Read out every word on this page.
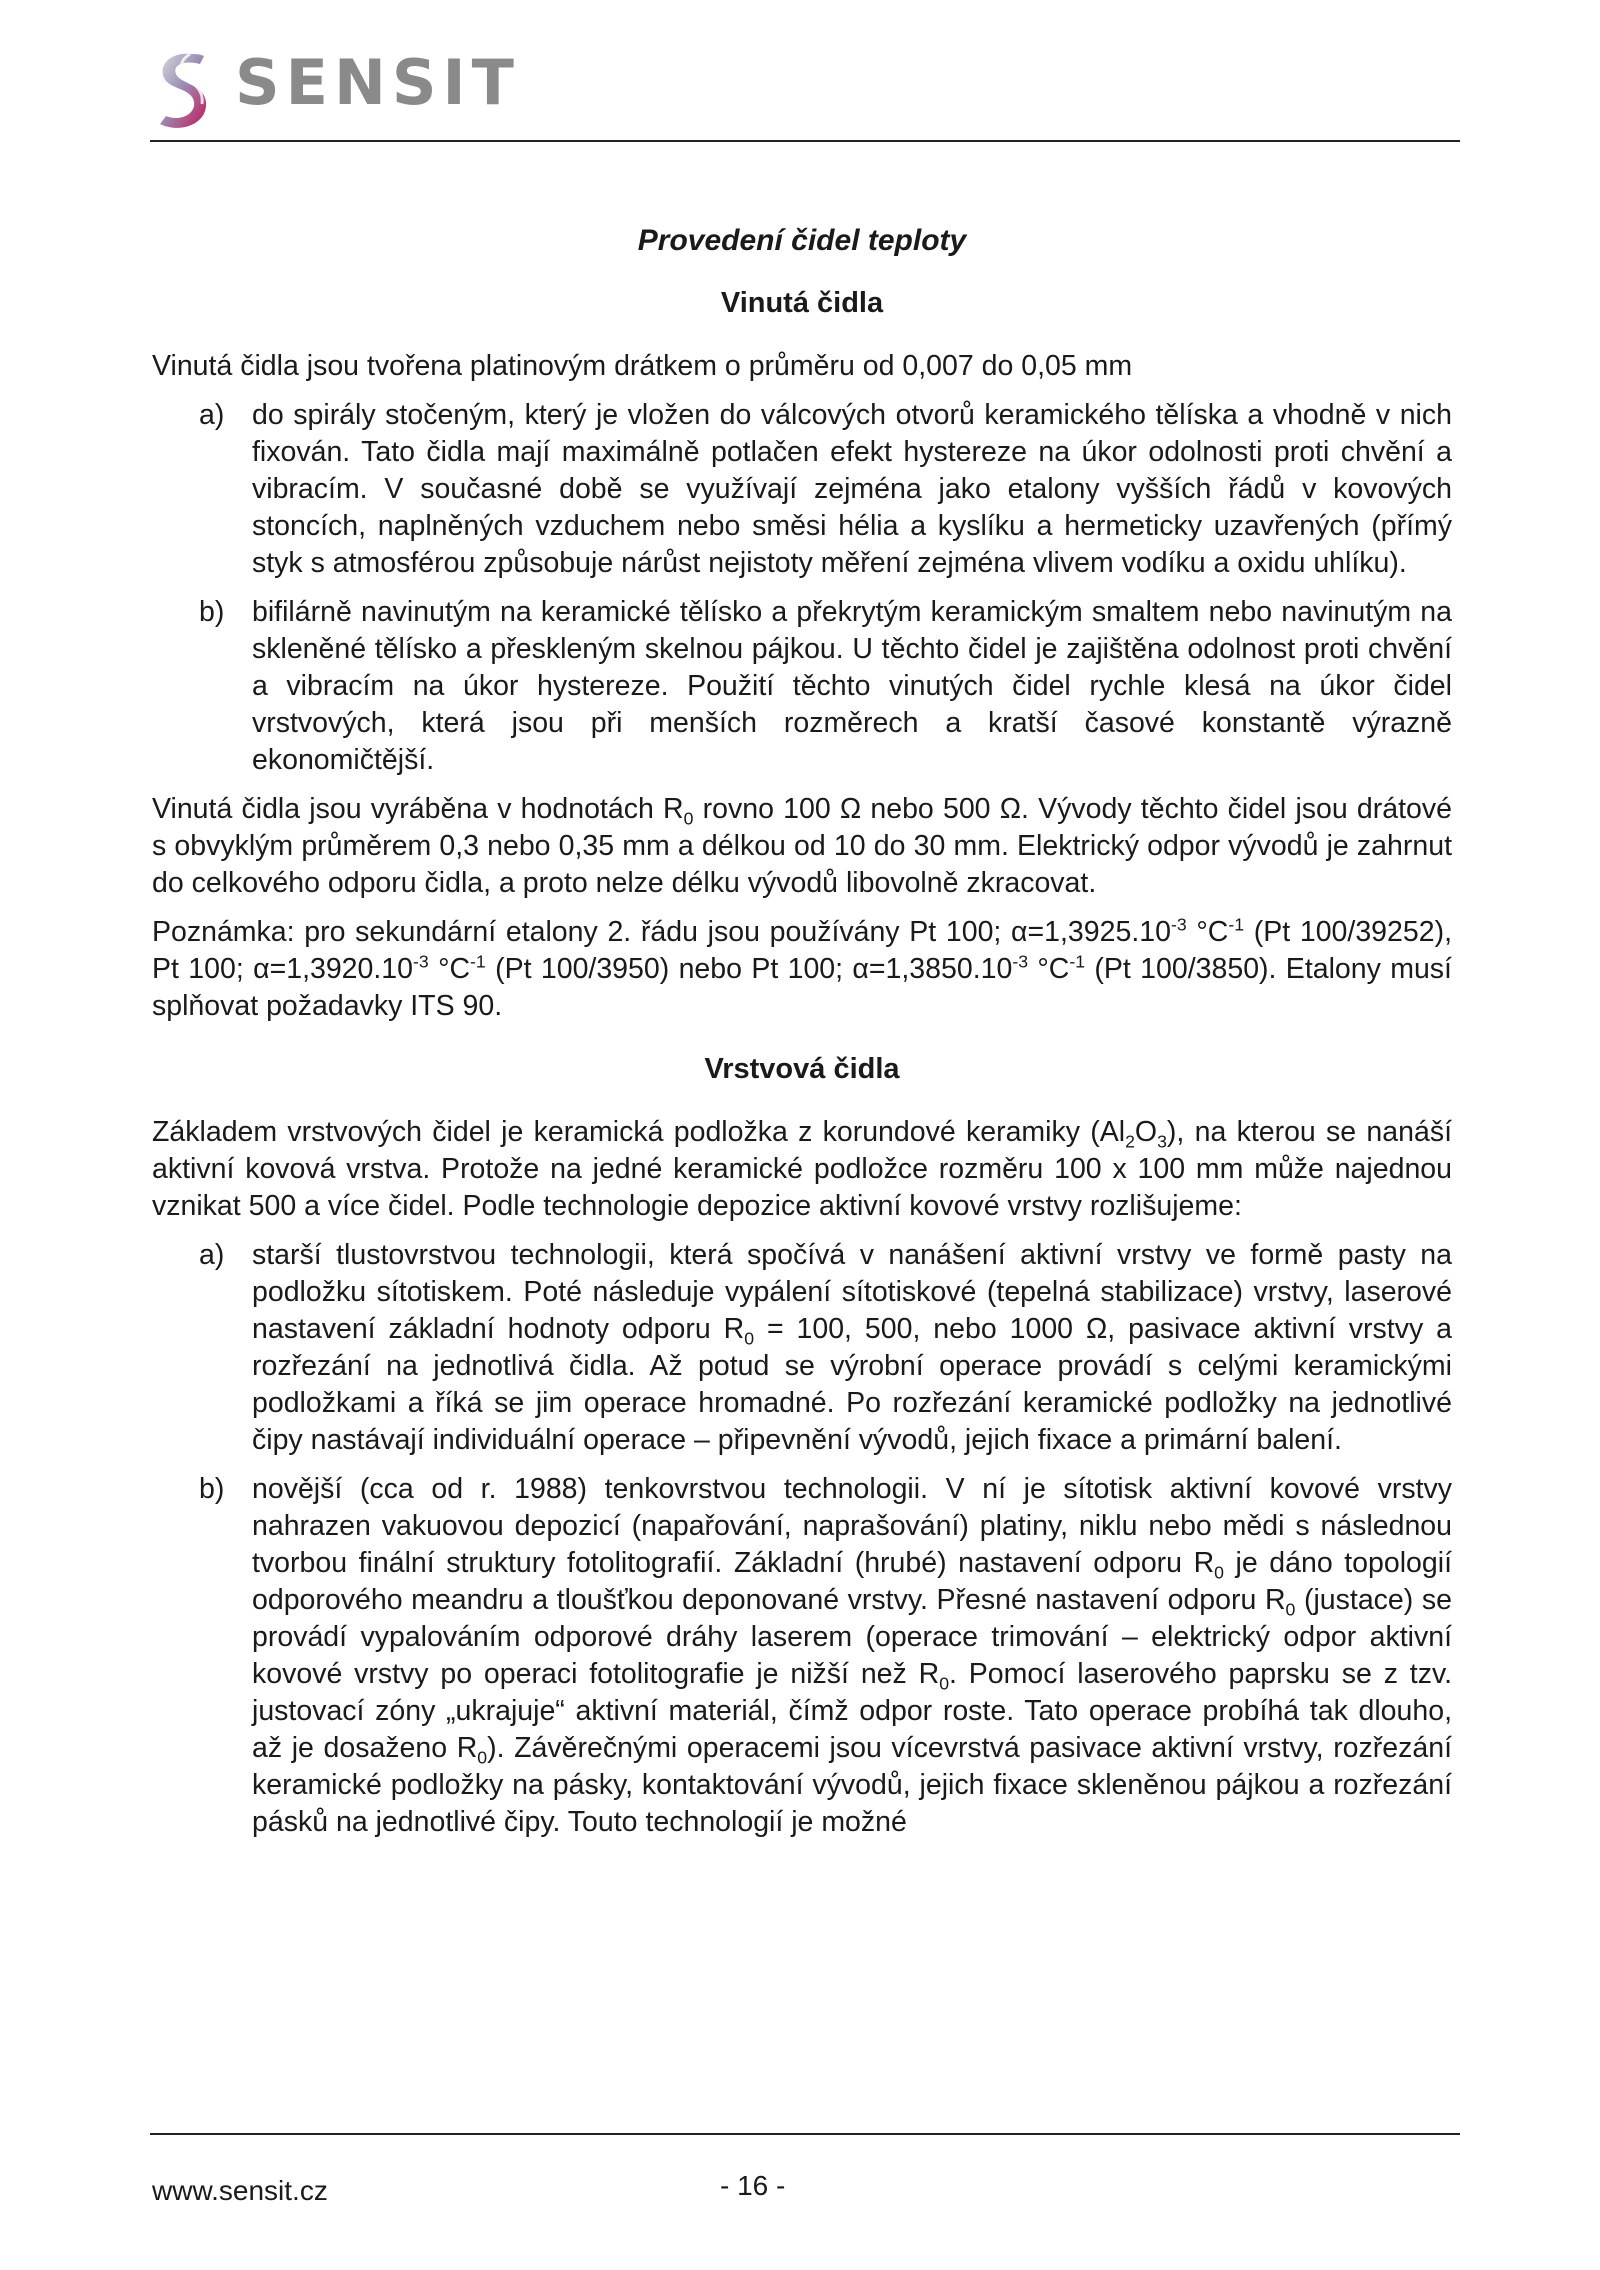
SENSIT
Provedení čidel teploty
Vinutá čidla

Vinutá čidla jsou tvořena platinovým drátkem o průměru od 0,007 do 0,05 mm

a) do spirály stočeným, který je vložen do válcových otvorů keramického tělíska a vhodně v nich fixován. Tato čidla mají maximálně potlačen efekt hystereze na úkor odolnosti proti chvění a vibracím. V současné době se využívají zejména jako etalony vyšších řádů v kovových stoncích, naplněných vzduchem nebo směsi hélia a kyslíku a hermeticky uzavřených (přímý styk s atmosférou způsobuje nárůst nejistoty měření zejména vlivem vodíku a oxidu uhlíku).
b) bifilárně navinutým na keramické tělísko a překrytým keramickým smaltem nebo navinutým na skleněné tělísko a přeskleným skelnou pájkou. U těchto čidel je zajištěna odolnost proti chvění a vibracím na úkor hystereze. Použití těchto vinutých čidel rychle klesá na úkor čidel vrstvových, která jsou při menších rozměrech a kratší časové konstantě výrazně ekonomičtější.

Vinutá čidla jsou vyráběna v hodnotách $R_0$ rovno 100 Ω nebo 500 Ω. Vývody těchto čidel jsou drátové s obvyklým průměrem 0,3 nebo 0,35 mm a délkou od 10 do 30 mm. Elektrický odpor vývodů je zahrnut do celkového odporu čidla, a proto nelze délku vývodů libovolně zkracovat.

Poznámka: pro sekundární etalony 2. řádu jsou používány Pt 100; $\alpha=1,3925.10^{-3}$ $^\circ C^{-1}$ (Pt 100/39252), Pt 100; $\alpha=1,3920.10^{-3}$ $^\circ C^{-1}$ (Pt 100/3950) nebo Pt 100; $\alpha=1,3850.10^{-3}$ $^\circ C^{-1}$ (Pt 100/3850). Etalony musí splňovat požadavky ITS 90.

Vrstvová čidla

Základem vrstvových čidel je keramická podložka z korundové keramiky $(Al_2O_3)$, na kterou se nanáší aktivní kovová vrstva. Protože na jedné keramické podložce rozměru 100 x 100 mm může najednou vznikat 500 a více čidel. Podle technologie depozice aktivní kovové vrstvy rozlišujeme:

a) starší tlustovrstvou technologii, která spočívá v nanášení aktivní vrstvy ve formě pasty na podložku sítotiskem. Poté následuje vypálení sítotiskové (tepelná stabilizace) vrstvy, laserové nastavení základní hodnoty odporu $R_0 = 100$, 500, nebo 1000 Ω, pasivace aktivní vrstvy a rozřezání na jednotlivá čidla. Až potud se výrobní operace provádí s celými keramickými podložkami a říká se jim operace hromadné. Po rozřezání keramické podložky na jednotlivé čipy nastávají individuální operace – připevnění vývodů, jejich fixace a primární balení.
b) novější (cca od r. 1988) tenkovrstvou technologii. V ní je sítotisk aktivní kovové vrstvy nahrazen vakuovou depozicí (napařování, naprašování) platiny, niklu nebo mědi s následnou tvorbou finální struktury fotolitografií. Základní (hrubé) nastavení odporu $R_0$ je dáno topologií odporového meandru a tloušťkou deponované vrstvy. Přesné nastavení odporu $R_0$ (justace) se provádí vypalováním odporové dráhy laserem (operace trimování – elektrický odpor aktivní kovové vrstvy po operaci fotolitografie je nižší než $R_0$. Pomocí laserového paprsku se z tzv. justovací zóny „ukrajuje“ aktivní materiál, čímž odpor roste. Tato operace probíhá tak dlouho, až je dosaženo $R_0$). Závěrečnými operacemi jsou vícevrstvá pasivace aktivní vrstvy, rozřezání keramické podložky na pásky, kontaktování vývodů, jejich fixace skleněnou pájkou a rozřezání pásků na jednotlivé čipy. Touto technologií je možné
www.sensit.cz	- 16 -
